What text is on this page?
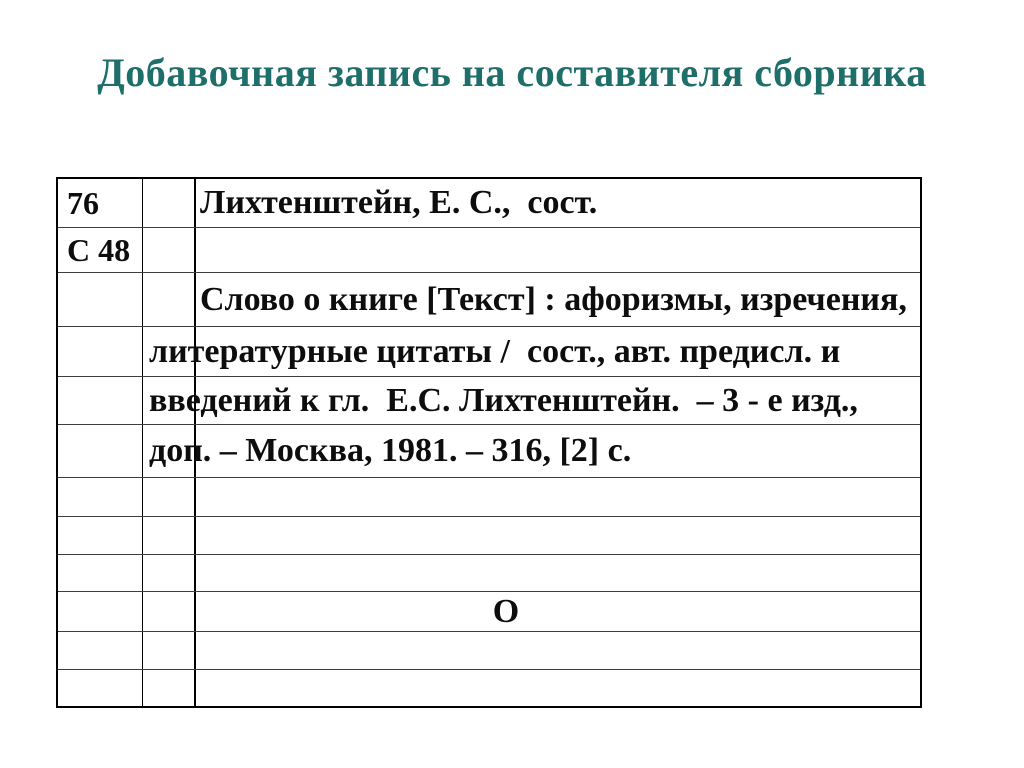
Добавочная запись на составителя сборника
76	Лихтенштейн, Е. С.,  сост.
С 48
Слово о книге [Текст] : афоризмы, изречения,
литературные цитаты /  сост., авт. предисл. и
введений к гл.  Е.С. Лихтенштейн.  – 3 - е изд.,
доп. – Москва, 1981. – 316, [2] с.
О
